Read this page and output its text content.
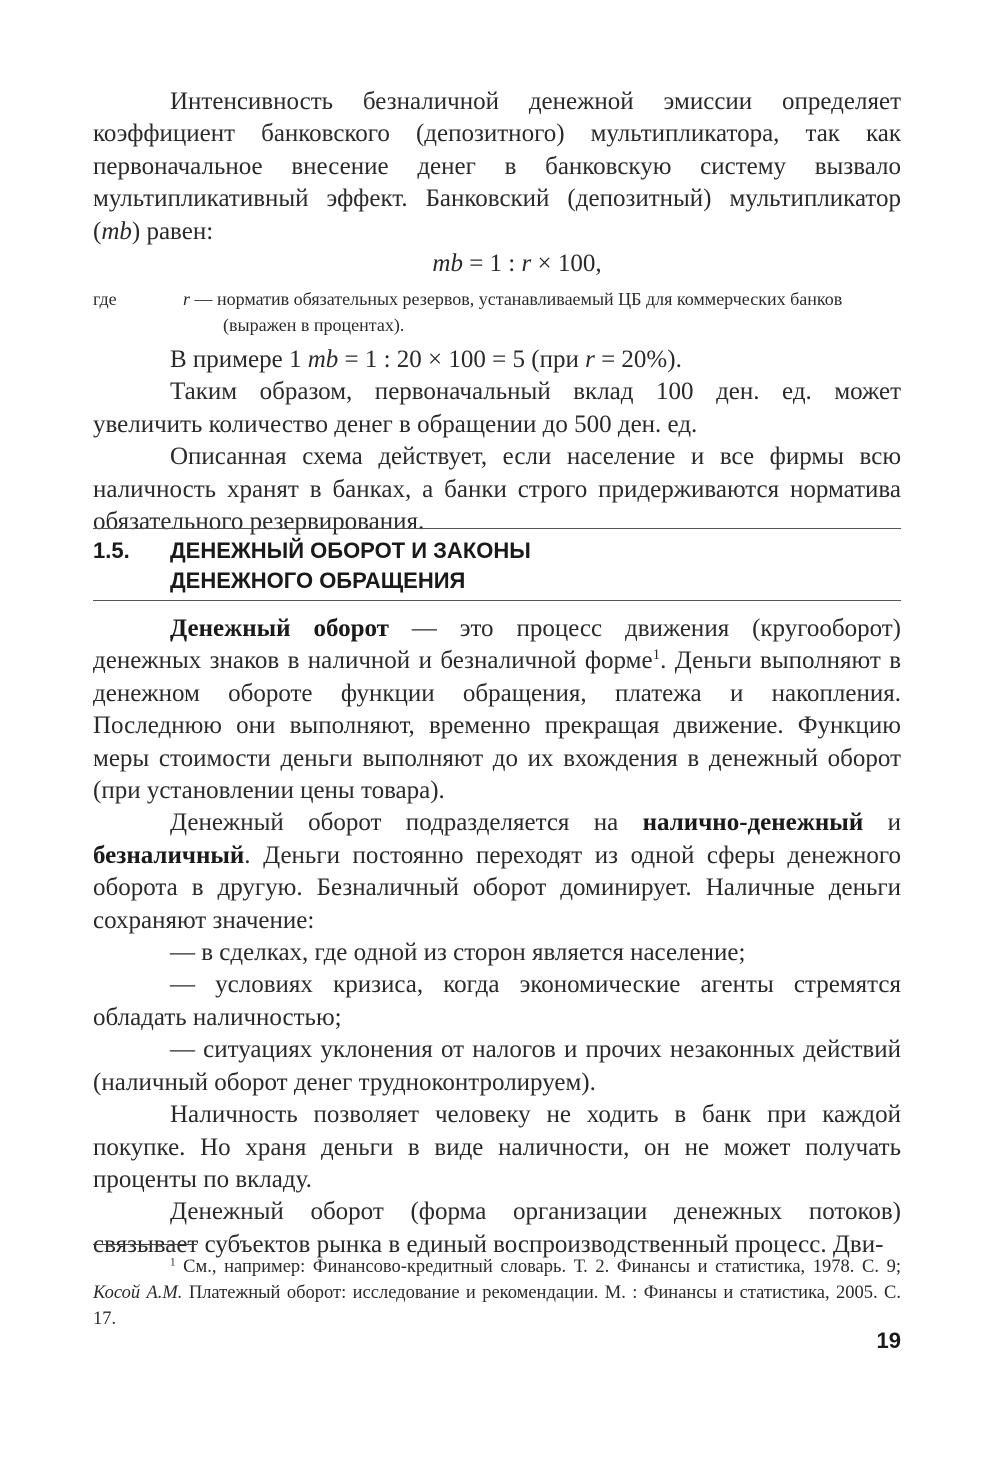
Интенсивность безналичной денежной эмиссии определяет коэффициент банковского (депозитного) мультипликатора, так как первоначальное внесение денег в банковскую систему вызвало мультипликативный эффект. Банковский (депозитный) мультипликатор (mb) равен:

mb = 1 : r × 100,

где	r — норматив обязательных резервов, устанавливаемый ЦБ для коммерческих банков (выражен в процентах).

В примере 1 mb = 1 : 20 × 100 = 5 (при r = 20%).

Таким образом, первоначальный вклад 100 ден. ед. может увеличить количество денег в обращении до 500 ден. ед.

Описанная схема действует, если население и все фирмы всю наличность хранят в банках, а банки строго придерживаются норматива обязательного резервирования.

1.5. ДЕНЕЖНЫЙ ОБОРОТ И ЗАКОНЫ
ДЕНЕЖНОГО ОБРАЩЕНИЯ

Денежный оборот — это процесс движения (кругооборот) денежных знаков в наличной и безналичной форме$^1$. Деньги выполняют в денежном обороте функции обращения, платежа и накопления. Последнюю они выполняют, временно прекращая движение. Функцию меры стоимости деньги выполняют до их вхождения в денежный оборот (при установлении цены товара).

Денежный оборот подразделяется на налично-денежный и безналичный. Деньги постоянно переходят из одной сферы денежного оборота в другую. Безналичный оборот доминирует. Наличные деньги сохраняют значение:

— в сделках, где одной из сторон является население;

— условиях кризиса, когда экономические агенты стремятся обладать наличностью;

— ситуациях уклонения от налогов и прочих незаконных действий (наличный оборот денег трудноконтролируем).

Наличность позволяет человеку не ходить в банк при каждой покупке. Но храня деньги в виде наличности, он не может получать проценты по вкладу.

Денежный оборот (форма организации денежных потоков) связывает субъектов рынка в единый воспроизводственный процесс. Дви-

$^1$ См., например: Финансово-кредитный словарь. Т. 2. Финансы и статистика, 1978. С. 9; Косой А.М. Платежный оборот: исследование и рекомендации. М. : Финансы и статистика, 2005. С. 17.

19
